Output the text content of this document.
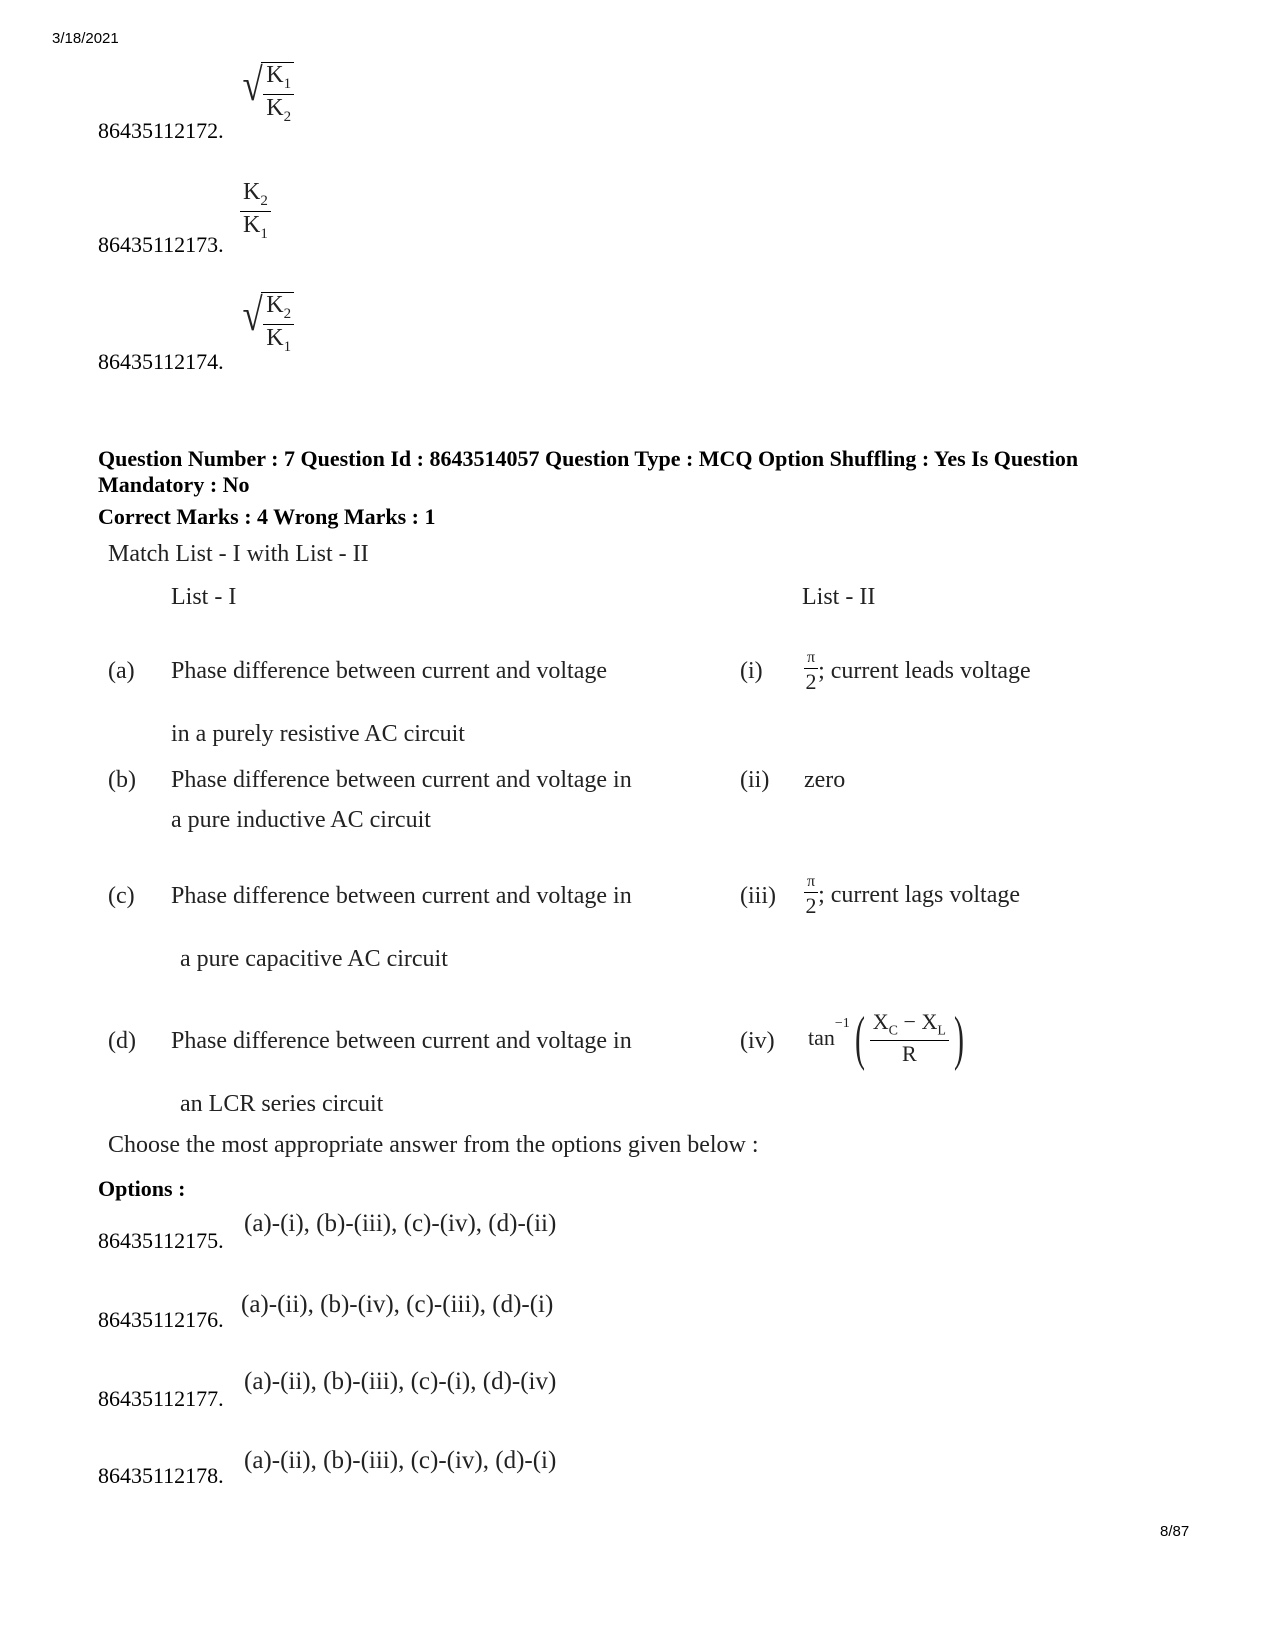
3/18/2021
8/87
86435112172.
√ $\frac{K_1}{K_2}$
86435112173.
$\frac{K_2}{K_1}$
86435112174.
√ $\frac{K_2}{K_1}$
Question Number : 7 Question Id : 8643514057 Question Type : MCQ Option Shuffling : Yes Is Question
Mandatory : No
Correct Marks : 4 Wrong Marks : 1
Match List - I with List - II
List - I	List - II
(a) Phase difference between current and voltage
in a purely resistive AC circuit
(i)	$\frac{\pi}{2}$ ; current leads voltage
(b) Phase difference between current and voltage in
a pure inductive AC circuit
(ii) zero
(c) Phase difference between current and voltage in
a pure capacitive AC circuit
$(iii) \frac{\pi}{2}$ ; current lags voltage
(d) Phase difference between current and voltage in
an LCR series circuit
(iv) tan
$^{-1}$ ( $\frac{X_C - X_L}{R}$ )
Choose the most appropriate answer from the options given below :
Options :
86435112175.
(a)-(i), (b)-(iii), (c)-(iv), (d)-(ii)
86435112176.
(a)-(ii), (b)-(iv), (c)-(iii), (d)-(i)
86435112177.
(a)-(ii), (b)-(iii), (c)-(i), (d)-(iv)
86435112178.
(a)-(ii), (b)-(iii), (c)-(iv), (d)-(i)
